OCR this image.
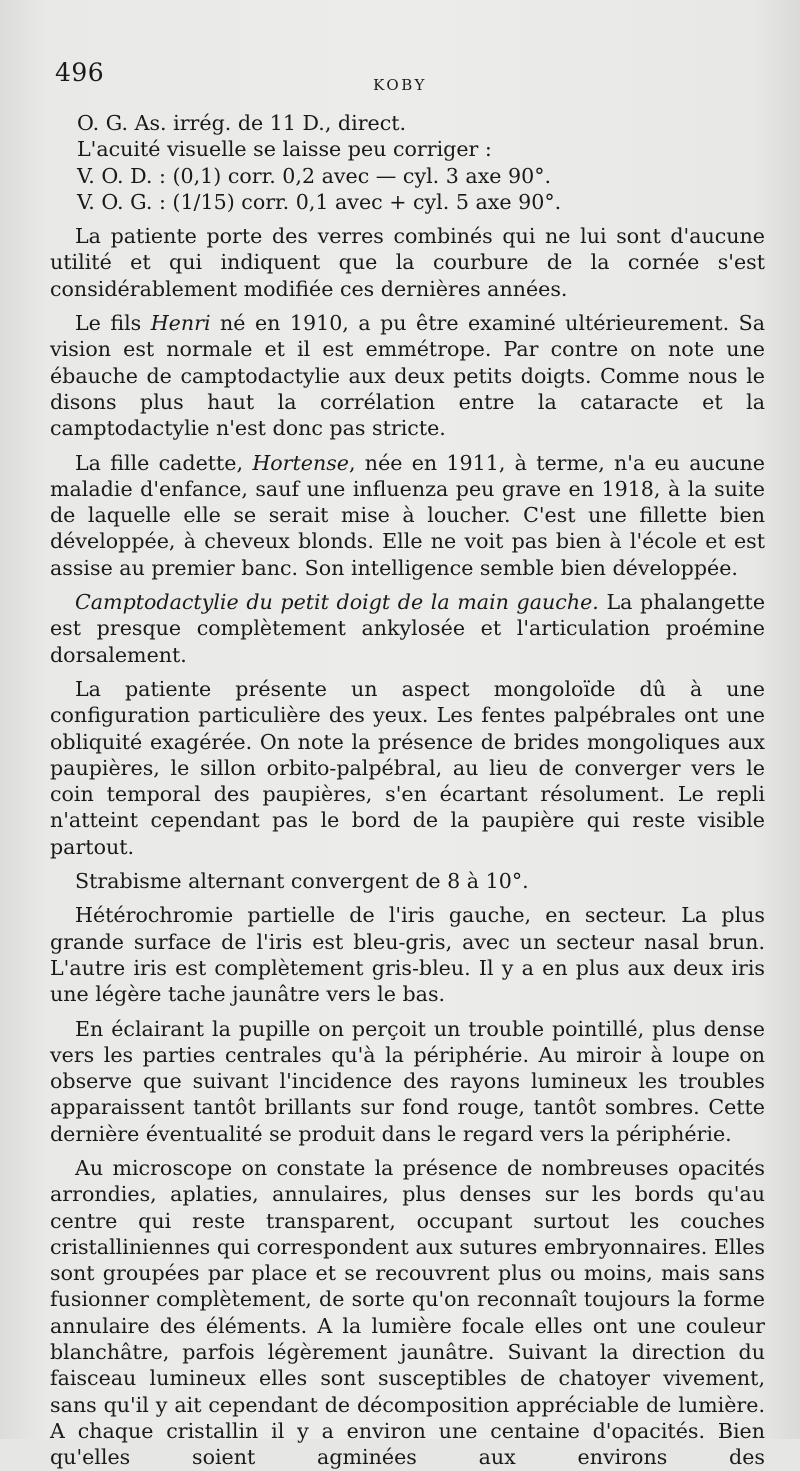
496	KOBY

O. G. As. irrég. de 11 D., direct.
L'acuité visuelle se laisse peu corriger :
V. O. D. : (0,1) corr. 0,2 avec — cyl. 3 axe 90°.
V. O. G. : (1/15) corr. 0,1 avec + cyl. 5 axe 90°.

La patiente porte des verres combinés qui ne lui sont d'aucune utilité et qui indiquent que la courbure de la cornée s'est considérablement modifiée ces dernières années.

Le fils Henri né en 1910, a pu être examiné ultérieurement. Sa vision est normale et il est emmétrope. Par contre on note une ébauche de camptodactylie aux deux petits doigts. Comme nous le disons plus haut la corrélation entre la cataracte et la camptodactylie n'est donc pas stricte.

La fille cadette, Hortense, née en 1911, à terme, n'a eu aucune maladie d'enfance, sauf une influenza peu grave en 1918, à la suite de laquelle elle se serait mise à loucher. C'est une fillette bien développée, à cheveux blonds. Elle ne voit pas bien à l'école et est assise au premier banc. Son intelligence semble bien développée.

Camptodactylie du petit doigt de la main gauche. La phalangette est presque complètement ankylosée et l'articulation proémine dorsalement.

La patiente présente un aspect mongoloïde dû à une configuration particulière des yeux. Les fentes palpébrales ont une obliquité exagérée. On note la présence de brides mongoliques aux paupières, le sillon orbito-palpébral, au lieu de converger vers le coin temporal des paupières, s'en écartant résolument. Le repli n'atteint cependant pas le bord de la paupière qui reste visible partout.

Strabisme alternant convergent de 8 à 10°.

Hétérochromie partielle de l'iris gauche, en secteur. La plus grande surface de l'iris est bleu-gris, avec un secteur nasal brun. L'autre iris est complètement gris-bleu. Il y a en plus aux deux iris une légère tache jaunâtre vers le bas.

En éclairant la pupille on perçoit un trouble pointillé, plus dense vers les parties centrales qu'à la périphérie. Au miroir à loupe on observe que suivant l'incidence des rayons lumineux les troubles apparaissent tantôt brillants sur fond rouge, tantôt sombres. Cette dernière éventualité se produit dans le regard vers la périphérie.

Au microscope on constate la présence de nombreuses opacités arrondies, aplaties, annulaires, plus denses sur les bords qu'au centre qui reste transparent, occupant surtout les couches cristalliniennes qui correspondent aux sutures embryonnaires. Elles sont groupées par place et se recouvrent plus ou moins, mais sans fusionner complètement, de sorte qu'on reconnaît toujours la forme annulaire des éléments. A la lumière focale elles ont une couleur blanchâtre, parfois légèrement jaunâtre. Suivant la direction du faisceau lumineux elles sont susceptibles de chatoyer vivement, sans qu'il y ait cependant de décomposition appréciable de lumière. A chaque cristallin il y a environ une centaine d'opacités. Bien qu'elles soient agminées aux environs des
